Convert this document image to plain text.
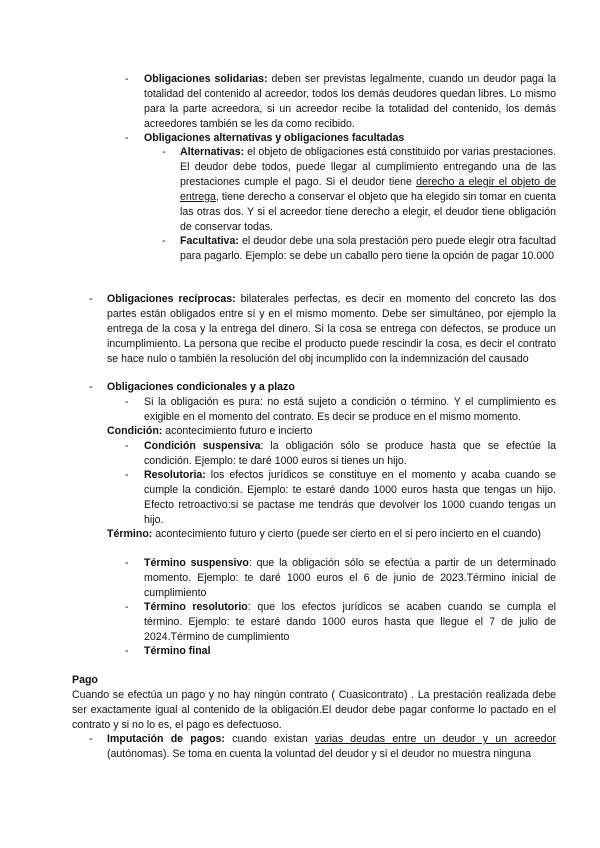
-	Obligaciones solidarias: deben ser previstas legalmente, cuando un deudor paga la totalidad del contenido al acreedor, todos los demás deudores quedan libres. Lo mismo para la parte acreedora, si un acreedor recibe la totalidad del contenido, los demás acreedores también se les da como recibido.

-	Obligaciones alternativas y obligaciones facultadas

-	Alternativas: el objeto de obligaciones está constituido por varias prestaciones. El deudor debe todos, puede llegar al cumplimiento entregando una de las prestaciones cumple el pago. Si el deudor tiene derecho a elegir el objeto de entrega, tiene derecho a conservar el objeto que ha elegido sin tomar en cuenta las otras dos. Y si el acreedor tiene derecho a elegir, el deudor tiene obligación de conservar todas.

-	Facultativa: el deudor debe una sola prestación pero puede elegir otra facultad para pagarlo. Ejemplo: se debe un caballo pero tiene la opción de pagar 10.000

-	Obligaciones recíprocas: bilaterales perfectas, es decir en momento del concreto las dos partes están obligados entre sí y en el mismo momento. Debe ser simultáneo, por ejemplo la entrega de la cosa y la entrega del dinero. Si la cosa se entrega con defectos, se produce un incumplimiento. La persona que recibe el producto puede rescindir la cosa, es decir el contrato se hace nulo o también la resolución del obj incumplido con la indemnización del causado

-	Obligaciones condicionales y a plazo

-	Si la obligación es pura: no está sujeto a condición o término. Y el cumplimiento es exigible en el momento del contrato. Es decir se produce en el mismo momento.

Condición: acontecimiento futuro e incierto

-	Condición suspensiva: la obligación sólo se produce hasta que se efectúe la condición. Ejemplo: te daré 1000 euros si tienes un hijo.

-	Resolutoria: los efectos jurídicos se constituye en el momento y acaba cuando se cumple la condición. Ejemplo: te estaré dando 1000 euros hasta que tengas un hijo. Efecto retroactivo:si se pactase me tendrás que devolver los 1000 cuando tengas un hijo.

Término: acontecimiento futuro y cierto (puede ser cierto en el si pero incierto en el cuando)

-	Término suspensivo: que la obligación sólo se efectúa a partir de un determinado momento. Ejemplo: te daré 1000 euros el 6 de junio de 2023.Término inicial de cumplimiento

-	Término resolutorio: que los efectos jurídicos se acaben cuando se cumpla el término. Ejemplo: te estaré dando 1000 euros hasta que llegue el 7 de julio de 2024.Término de cumplimiento

-	Término final

Pago

Cuando se efectúa un pago y no hay ningún contrato ( Cuasicontrato) . La prestación realizada debe ser exactamente igual al contenido de la obligación.El deudor debe pagar conforme lo pactado en el contrato y si no lo es, el pago es defectuoso.

-	Imputación de pagos: cuando existan varias deudas entre un deudor y un acreedor (autónomas). Se toma en cuenta la voluntad del deudor y si el deudor no muestra ninguna
